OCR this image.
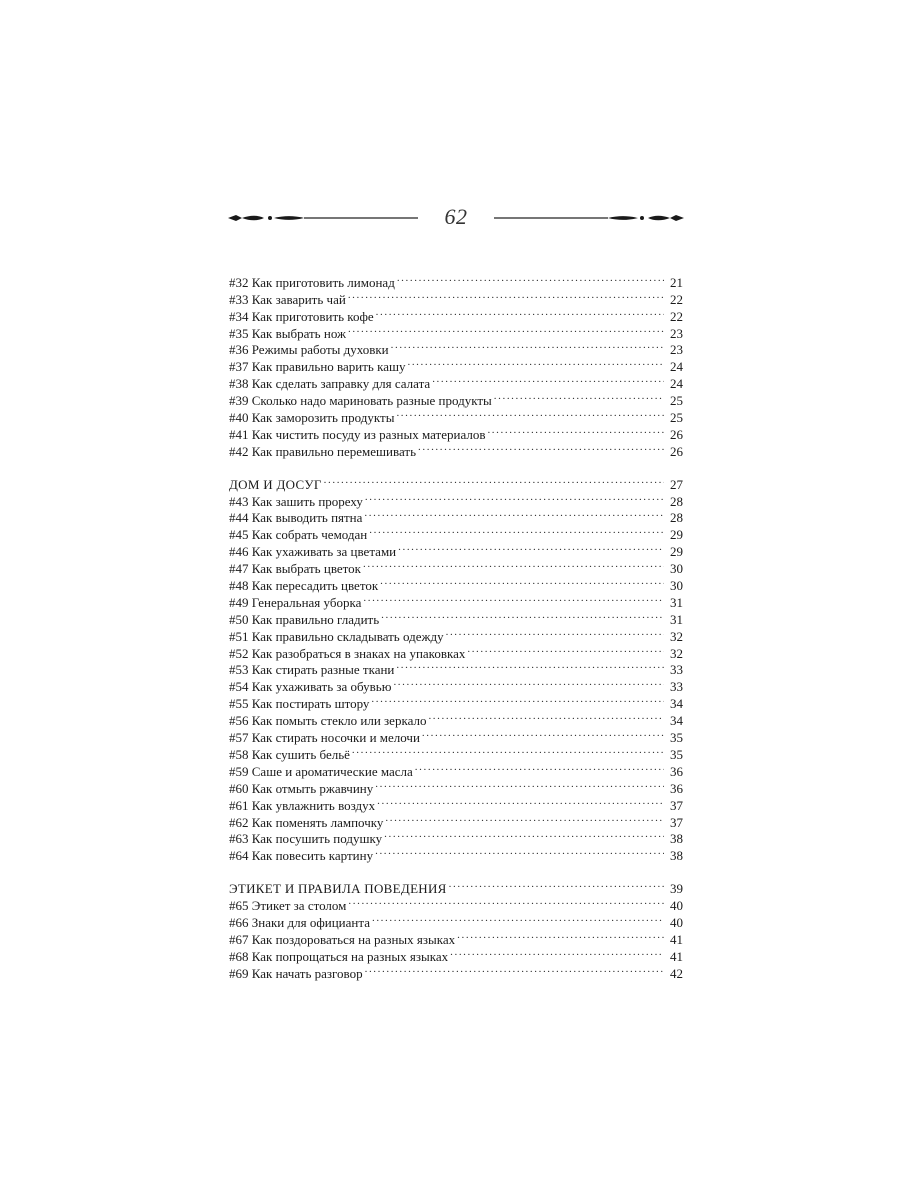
62
#32 Как приготовить лимонад .....	21
#33 Как заварить чай .....	22
#34 Как приготовить кофе .....	22
#35 Как выбрать нож .....	23
#36 Режимы работы духовки .....	23
#37 Как правильно варить кашу .....	24
#38 Как сделать заправку для салата .....	24
#39 Сколько надо мариновать разные продукты .....	25
#40 Как заморозить продукты .....	25
#41 Как чистить посуду из разных материалов .....	26
#42 Как правильно перемешивать .....	26
ДОМ И ДОСУГ .....	27
#43 Как зашить прореху .....	28
#44 Как выводить пятна .....	28
#45 Как собрать чемодан .....	29
#46 Как ухаживать за цветами .....	29
#47 Как выбрать цветок .....	30
#48 Как пересадить цветок .....	30
#49 Генеральная уборка .....	31
#50 Как правильно гладить .....	31
#51 Как правильно складывать одежду .....	32
#52 Как разобраться в знаках на упаковках .....	32
#53 Как стирать разные ткани .....	33
#54 Как ухаживать за обувью .....	33
#55 Как постирать штору .....	34
#56 Как помыть стекло или зеркало .....	34
#57 Как стирать носочки и мелочи .....	35
#58 Как сушить бельё .....	35
#59 Саше и ароматические масла .....	36
#60 Как отмыть ржавчину .....	36
#61 Как увлажнить воздух .....	37
#62 Как поменять лампочку .....	37
#63 Как посушить подушку .....	38
#64 Как повесить картину .....	38
ЭТИКЕТ И ПРАВИЛА ПОВЕДЕНИЯ .....	39
#65 Этикет за столом .....	40
#66 Знаки для официанта .....	40
#67 Как поздороваться на разных языках .....	41
#68 Как попрощаться на разных языках .....	41
#69 Как начать разговор .....	42
